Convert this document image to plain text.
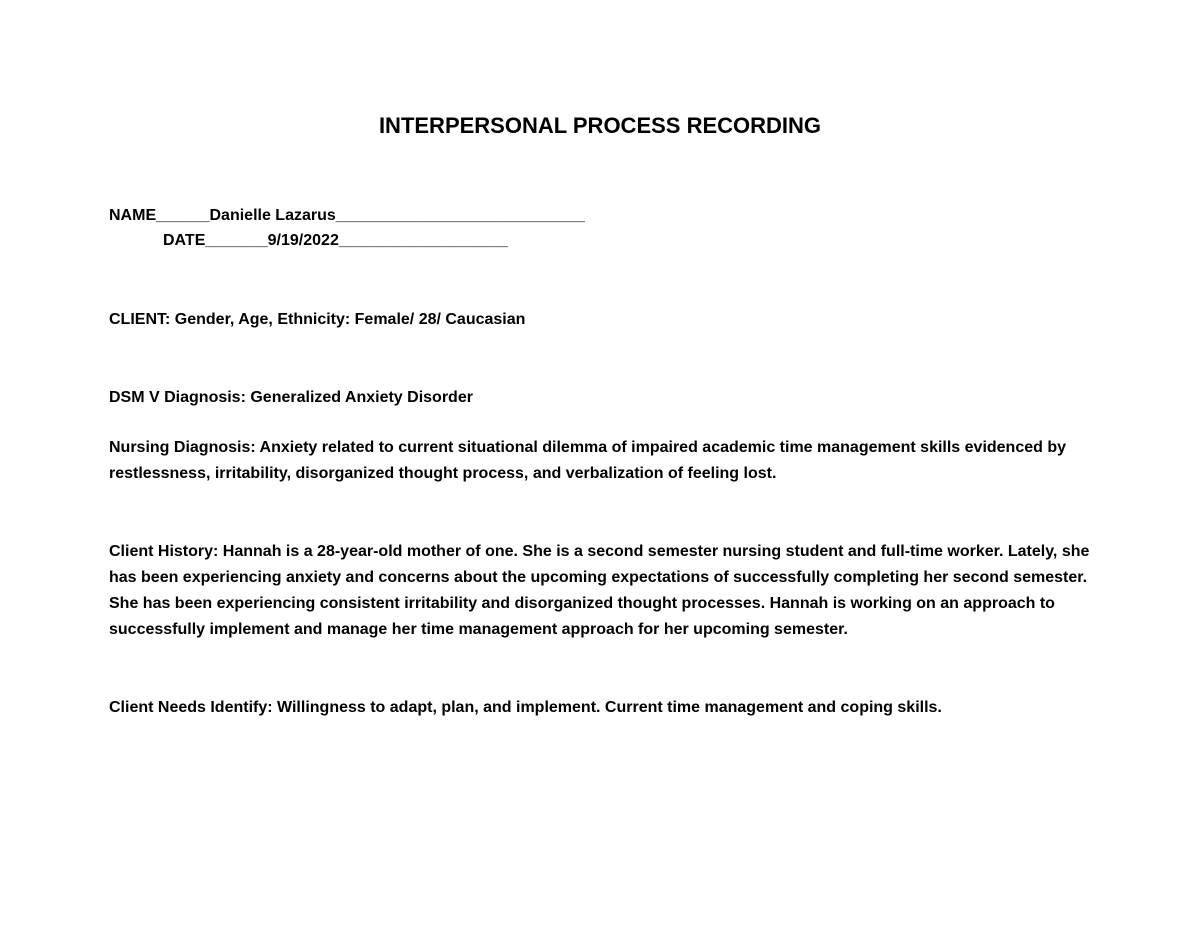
INTERPERSONAL PROCESS RECORDING
NAME______Danielle Lazarus____________________________
DATE_______9/19/2022___________________
CLIENT: Gender, Age, Ethnicity: Female/ 28/ Caucasian
DSM V Diagnosis: Generalized Anxiety Disorder
Nursing Diagnosis: Anxiety related to current situational dilemma of impaired academic time management skills evidenced by restlessness, irritability, disorganized thought process, and verbalization of feeling lost.
Client History: Hannah is a 28-year-old mother of one. She is a second semester nursing student and full-time worker. Lately, she has been experiencing anxiety and concerns about the upcoming expectations of successfully completing her second semester. She has been experiencing consistent irritability and disorganized thought processes. Hannah is working on an approach to successfully implement and manage her time management approach for her upcoming semester.
Client Needs Identify: Willingness to adapt, plan, and implement. Current time management and coping skills.
